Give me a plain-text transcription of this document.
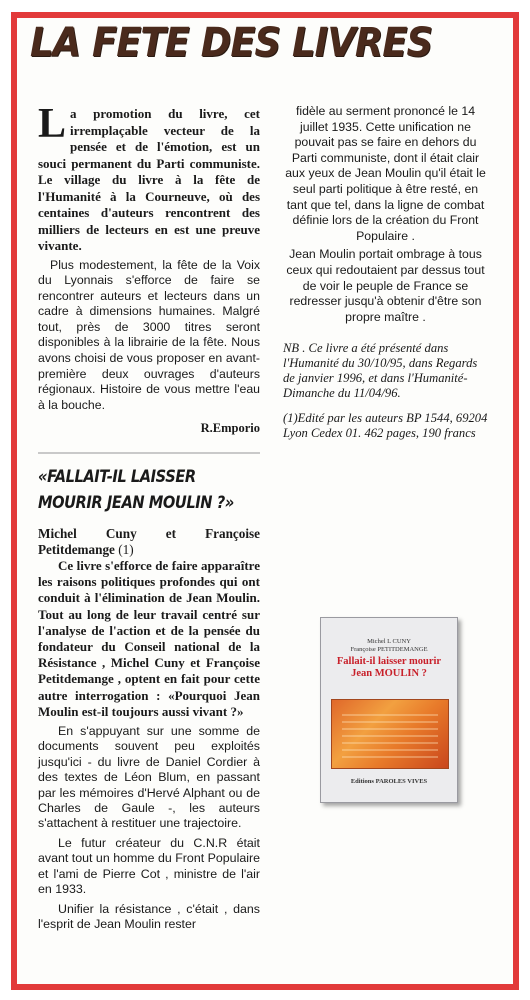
LA FETE DES LIVRES

La promotion du livre, cet irremplaçable vecteur de la pensée et de l'émotion, est un souci permanent du Parti communiste. Le village du livre à la fête de l'Humanité à la Courneuve, où des centaines d'auteurs rencontrent des milliers de lecteurs en est une preuve vivante.

Plus modestement, la fête de la Voix du Lyonnais s'efforce de faire se rencontrer auteurs et lecteurs dans un cadre à dimensions humaines. Malgré tout, près de 3000 titres seront disponibles à la librairie de la fête. Nous avons choisi de vous proposer en avant-première deux ouvrages d'auteurs régionaux. Histoire de vous mettre l'eau à la bouche.

R.Emporio

fidèle au serment prononcé le 14 juillet 1935. Cette unification ne pouvait pas se faire en dehors du Parti communiste, dont il était clair aux yeux de Jean Moulin qu'il était le seul parti politique à être resté, en tant que tel, dans la ligne de combat définie lors de la création du Front Populaire .

Jean Moulin portait ombrage à tous ceux qui redoutaient par dessus tout de voir le peuple de France se redresser jusqu'à obtenir d'être son propre maître .

NB . Ce livre a été présenté dans l'Humanité du 30/10/95, dans Regards de janvier 1996, et dans l'Humanité-Dimanche du 11/04/96.

(1)Edité par les auteurs BP 1544, 69204 Lyon Cedex 01. 462 pages, 190 francs

«FALLAIT-IL LAISSER MOURIR JEAN MOULIN ?»

Michel Cuny et Françoise Petitdemange (1)

Ce livre s'efforce de faire apparaître les raisons politiques profondes qui ont conduit à l'élimination de Jean Moulin. Tout au long de leur travail centré sur l'analyse de l'action et de la pensée du fondateur du Conseil national de la Résistance , Michel Cuny et Françoise Petitdemange , optent en fait pour cette autre interrogation : «Pourquoi Jean Moulin est-il toujours aussi vivant ?»

En s'appuyant sur une somme de documents souvent peu exploités jusqu'ici - du livre de Daniel Cordier à des textes de Léon Blum, en passant par les mémoires d'Hervé Alphant ou de Charles de Gaule -, les auteurs s'attachent à restituer une trajectoire.

Le futur créateur du C.N.R était avant tout un homme du Front Populaire et l'ami de Pierre Cot , ministre de l'air en 1933.

Unifier la résistance , c'était , dans l'esprit de Jean Moulin rester

Michel L CUNY
Françoise PETITDEMANGE
Fallait-il laisser mourir Jean MOULIN ?
Editions PAROLES VIVES
